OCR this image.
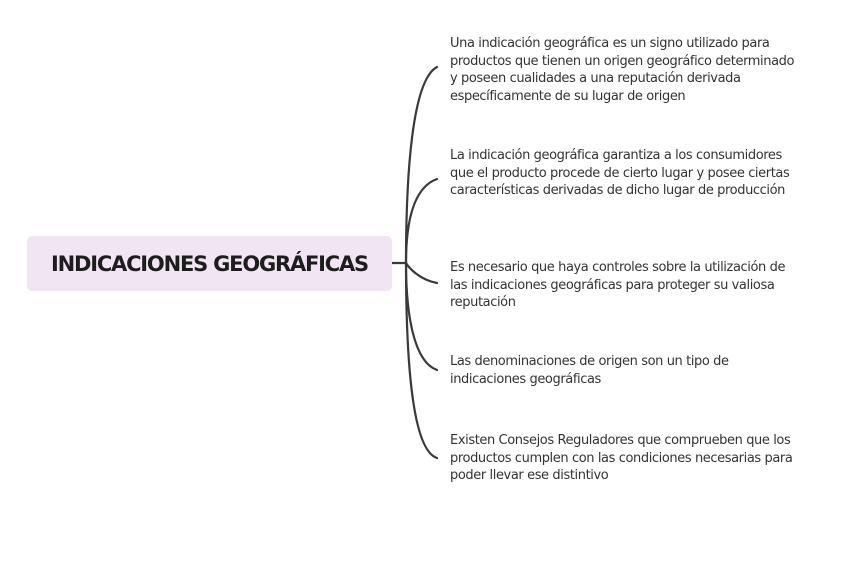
INDICACIONES GEOGRÁFICAS

Una indicación geográfica es un signo utilizado para productos que tienen un origen geográfico determinado y poseen cualidades a una reputación derivada específicamente de su lugar de origen

La indicación geográfica garantiza a los consumidores que el producto procede de cierto lugar y posee ciertas características derivadas de dicho lugar de producción

Es necesario que haya controles sobre la utilización de las indicaciones geográficas para proteger su valiosa reputación

Las denominaciones de origen son un tipo de indicaciones geográficas

Existen Consejos Reguladores que comprueben que los productos cumplen con las condiciones necesarias para poder llevar ese distintivo
